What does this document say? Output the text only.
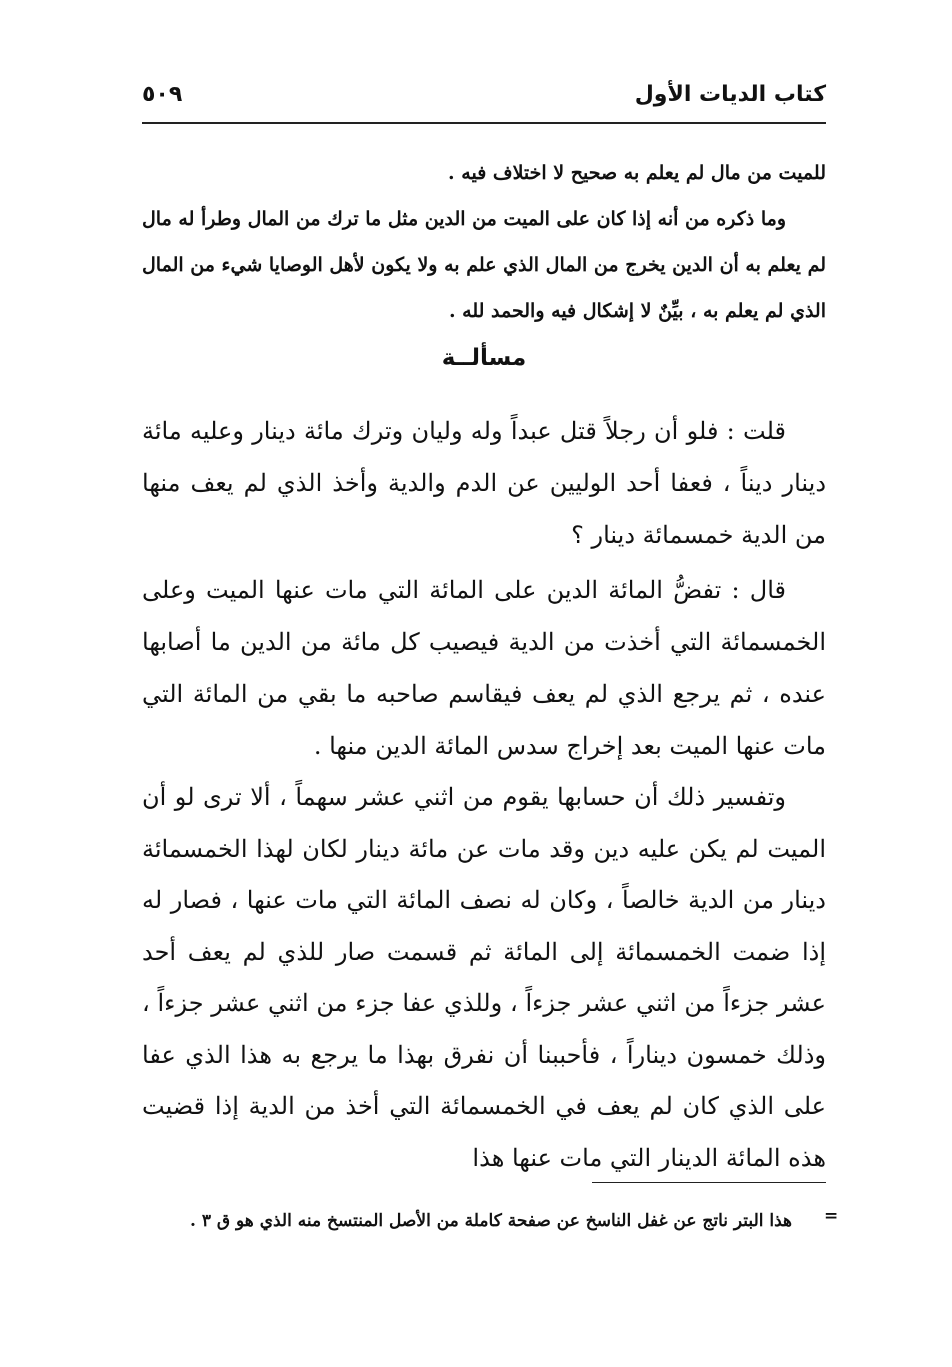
كتاب الديات الأول
٥٠٩
للميت من مال لم يعلم به صحيح لا اختلاف فيه .
وما ذكره من أنه إذا كان على الميت من الدين مثل ما ترك من المال وطرأ له مال لم يعلم به أن الدين يخرج من المال الذي علم به ولا يكون لأهل الوصايا شيء من المال الذي لم يعلم به ، بيِّنٌ لا إشكال فيه والحمد لله .
مسألــة
قلت : فلو أن رجلاً قتل عبداً وله وليان وترك مائة دينار وعليه مائة دينار ديناً ، فعفا أحد الوليين عن الدم والدية وأخذ الذي لم يعف منها من الدية خمسمائة دينار ؟
قال : تفضُّ المائة الدين على المائة التي مات عنها الميت وعلى الخمسمائة التي أخذت من الدية فيصيب كل مائة من الدين ما أصابها عنده ، ثم يرجع الذي لم يعف فيقاسم صاحبه ما بقي من المائة التي مات عنها الميت بعد إخراج سدس المائة الدين منها .
وتفسير ذلك أن حسابها يقوم من اثني عشر سهماً ، ألا ترى لو أن الميت لم يكن عليه دين وقد مات عن مائة دينار لكان لهذا الخمسمائة دينار من الدية خالصاً ، وكان له نصف المائة التي مات عنها ، فصار له إذا ضمت الخمسمائة إلى المائة ثم قسمت صار للذي لم يعف أحد عشر جزءاً من اثني عشر جزءاً ، وللذي عفا جزء من اثني عشر جزءاً ، وذلك خمسون ديناراً ، فأحببنا أن نفرق بهذا ما يرجع به هذا الذي عفا على الذي كان لم يعف في الخمسمائة التي أخذ من الدية إذا قضيت هذه المائة الدينار التي مات عنها هذا
=
هذا البتر ناتج عن غفل الناسخ عن صفحة كاملة من الأصل المنتسخ منه الذي هو ق ٣ .
